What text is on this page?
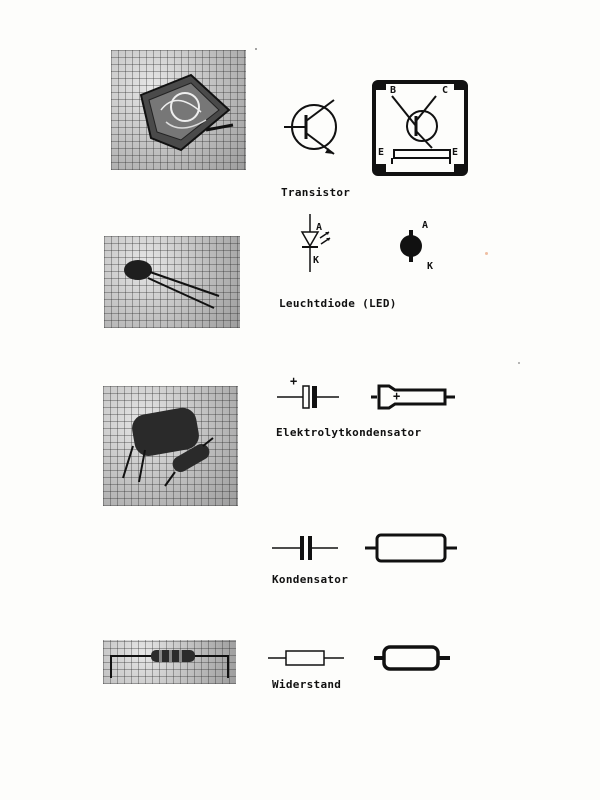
B	C
E	E
Transistor
A
K
A
K
Leuchtdiode (LED)
+
+
Elektrolytkondensator
Kondensator
Widerstand
